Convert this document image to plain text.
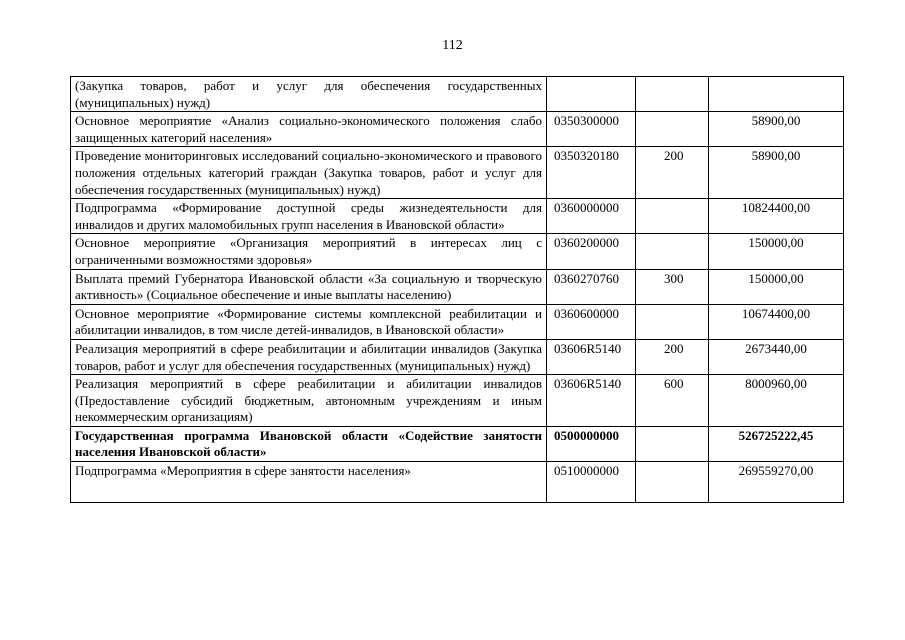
112
(Закупка товаров, работ и услуг для обеспечения государственных (муниципальных) нужд)			
Основное мероприятие «Анализ социально-экономического положения слабо защищенных категорий населения»	0350300000		58900,00
Проведение мониторинговых исследований социально-экономического и правового положения отдельных категорий граждан (Закупка товаров, работ и услуг для обеспечения государственных (муниципальных) нужд)	0350320180	200	58900,00
Подпрограмма «Формирование доступной среды жизнедеятельности для инвалидов и других маломобильных групп населения в Ивановской области»	0360000000		10824400,00
Основное мероприятие «Организация мероприятий в интересах лиц с ограниченными возможностями здоровья»	0360200000		150000,00
Выплата премий Губернатора Ивановской области «За социальную и творческую активность» (Социальное обеспечение и иные выплаты населению)	0360270760	300	150000,00
Основное мероприятие «Формирование системы комплексной реабилитации и абилитации инвалидов, в том числе детей-инвалидов, в Ивановской области»	0360600000		10674400,00
Реализация мероприятий в сфере реабилитации и абилитации инвалидов (Закупка товаров, работ и услуг для обеспечения государственных (муниципальных) нужд)	03606R5140	200	2673440,00
Реализация мероприятий в сфере реабилитации и абилитации инвалидов (Предоставление субсидий бюджетным, автономным учреждениям и иным некоммерческим организациям)	03606R5140	600	8000960,00
Государственная программа Ивановской области «Содействие занятости населения Ивановской области»	0500000000		526725222,45
Подпрограмма «Мероприятия в сфере занятости населения»	0510000000		269559270,00
